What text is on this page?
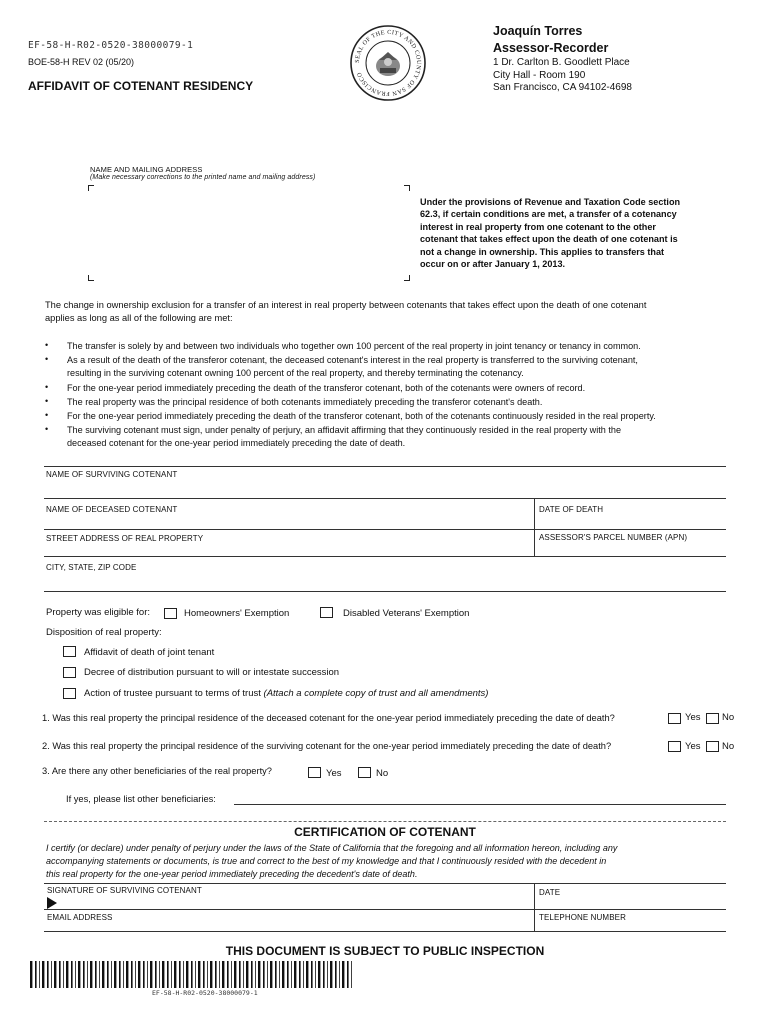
EF-58-H-R02-0520-38000079-1
BOE-58-H REV 02 (05/20)
AFFIDAVIT OF COTENANT RESIDENCY
SEAL OF THE CITY AND COUNTY OF SAN FRANCISCO
Joaquín Torres
Assessor-Recorder
1 Dr. Carlton B. Goodlett Place
City Hall - Room 190
San Francisco, CA 94102-4698
NAME AND MAILING ADDRESS
(Make necessary corrections to the printed name and mailing address)
Under the provisions of Revenue and Taxation Code section
62.3, if certain conditions are met, a transfer of a cotenancy
interest in real property from one cotenant to the other
cotenant that takes effect upon the death of one cotenant is
not a change in ownership. This applies to transfers that
occur on or after January 1, 2013.
The change in ownership exclusion for a transfer of an interest in real property between cotenants that takes effect upon the death of one cotenant
applies as long as all of the following are met:
• The transfer is solely by and between two individuals who together own 100 percent of the real property in joint tenancy or tenancy in common.
• As a result of the death of the transferor cotenant, the deceased cotenant's interest in the real property is transferred to the surviving cotenant,
resulting in the surviving cotenant owning 100 percent of the real property, and thereby terminating the cotenancy.
• For the one-year period immediately preceding the death of the transferor cotenant, both of the cotenants were owners of record.
• The real property was the principal residence of both cotenants immediately preceding the transferor cotenant's death.
• For the one-year period immediately preceding the death of the transferor cotenant, both of the cotenants continuously resided in the real property.
• The surviving cotenant must sign, under penalty of perjury, an affidavit affirming that they continuously resided in the real property with the
deceased cotenant for the one-year period immediately preceding the date of death.
NAME OF SURVIVING COTENANT
NAME OF DECEASED COTENANT	DATE OF DEATH
STREET ADDRESS OF REAL PROPERTY	ASSESSOR'S PARCEL NUMBER (APN)
CITY, STATE, ZIP CODE
Property was eligible for:	Homeowners' Exemption	Disabled Veterans' Exemption
Disposition of real property:
Affidavit of death of joint tenant
Decree of distribution pursuant to will or intestate succession
Action of trustee pursuant to terms of trust (Attach a complete copy of trust and all amendments)
1. Was this real property the principal residence of the deceased cotenant for the one-year period immediately preceding the date of death?	Yes No
2. Was this real property the principal residence of the surviving cotenant for the one-year period immediately preceding the date of death?	Yes No
3. Are there any other beneficiaries of the real property?	Yes	No
If yes, please list other beneficiaries:
CERTIFICATION OF COTENANT
I certify (or declare) under penalty of perjury under the laws of the State of California that the foregoing and all information hereon, including any
accompanying statements or documents, is true and correct to the best of my knowledge and that I continuously resided with the decedent in
this real property for the one-year period immediately preceding the decedent's date of death.
SIGNATURE OF SURVIVING COTENANT	DATE
EMAIL ADDRESS	TELEPHONE NUMBER
THIS DOCUMENT IS SUBJECT TO PUBLIC INSPECTION
EF-58-H-R02-0520-38000079-1
